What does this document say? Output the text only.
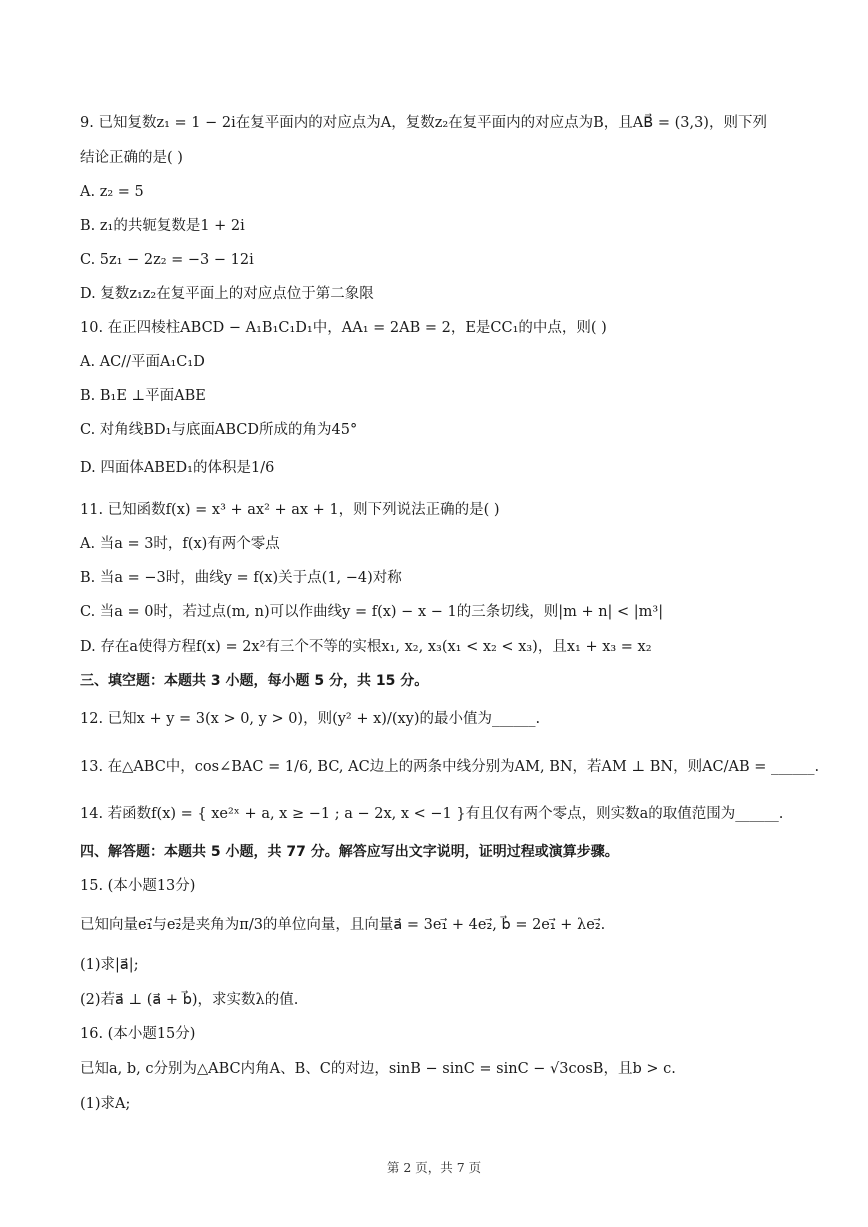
9. 已知复数z₁ = 1 − 2i在复平面内的对应点为A，复数z₂在复平面内的对应点为B，且AB⃗ = (3,3)，则下列
结论正确的是( )
A. z₂ = 5
B. z₁的共轭复数是1 + 2i
C. 5z₁ − 2z₂ = −3 − 12i
D. 复数z₁z₂在复平面上的对应点位于第二象限
10. 在正四棱柱ABCD − A₁B₁C₁D₁中，AA₁ = 2AB = 2，E是CC₁的中点，则( )
A. AC//平面A₁C₁D
B. B₁E ⊥平面ABE
C. 对角线BD₁与底面ABCD所成的角为45°
D. 四面体ABED₁的体积是1/6
11. 已知函数f(x) = x³ + ax² + ax + 1，则下列说法正确的是( )
A. 当a = 3时，f(x)有两个零点
B. 当a = −3时，曲线y = f(x)关于点(1, −4)对称
C. 当a = 0时，若过点(m, n)可以作曲线y = f(x) − x − 1的三条切线，则|m + n| < |m³|
D. 存在a使得方程f(x) = 2x²有三个不等的实根x₁, x₂, x₃(x₁ < x₂ < x₃)，且x₁ + x₃ = x₂
三、填空题：本题共 3 小题，每小题 5 分，共 15 分。
12. 已知x + y = 3(x > 0, y > 0)，则(y² + x)/(xy)的最小值为______.
13. 在△ABC中，cos∠BAC = 1/6, BC, AC边上的两条中线分别为AM, BN，若AM ⊥ BN，则AC/AB = ______.
14. 若函数f(x) = { xe²ˣ + a, x ≥ −1 ; a − 2x, x < −1 }有且仅有两个零点，则实数a的取值范围为______.
四、解答题：本题共 5 小题，共 77 分。解答应写出文字说明，证明过程或演算步骤。
15. (本小题13分)
已知向量e₁⃗与e₂⃗是夹角为π/3的单位向量，且向量a⃗ = 3e₁⃗ + 4e₂⃗, b⃗ = 2e₁⃗ + λe₂⃗.
(1)求|a⃗|;
(2)若a⃗ ⊥ (a⃗ + b⃗)，求实数λ的值.
16. (本小题15分)
已知a, b, c分别为△ABC内角A、B、C的对边，sinB − sinC = sinC − √3cosB，且b > c.
(1)求A;
第 2 页，共 7 页
